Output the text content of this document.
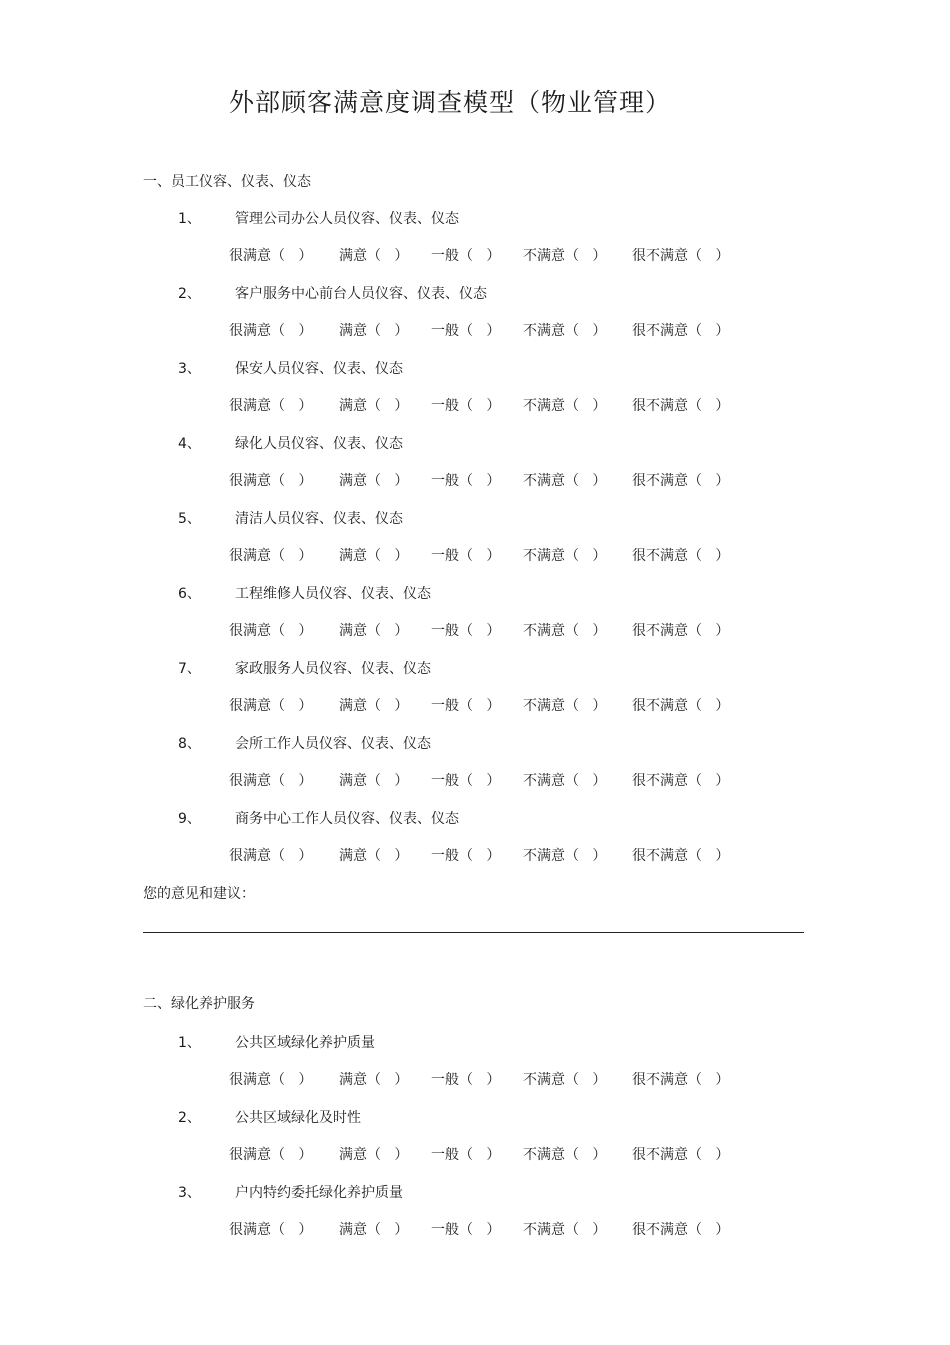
外部顾客满意度调查模型（物业管理）
一、员工仪容、仪表、仪态
1、 管理公司办公人员仪容、仪表、仪态
很满意（   ） 满意（   ） 一般（   ） 不满意（   ） 很不满意（   ）
2、 客户服务中心前台人员仪容、仪表、仪态
很满意（   ） 满意（   ） 一般（   ） 不满意（   ） 很不满意（   ）
3、 保安人员仪容、仪表、仪态
很满意（   ） 满意（   ） 一般（   ） 不满意（   ） 很不满意（   ）
4、 绿化人员仪容、仪表、仪态
很满意（   ） 满意（   ） 一般（   ） 不满意（   ） 很不满意（   ）
5、 清洁人员仪容、仪表、仪态
很满意（   ） 满意（   ） 一般（   ） 不满意（   ） 很不满意（   ）
6、 工程维修人员仪容、仪表、仪态
很满意（   ） 满意（   ） 一般（   ） 不满意（   ） 很不满意（   ）
7、 家政服务人员仪容、仪表、仪态
很满意（   ） 满意（   ） 一般（   ） 不满意（   ） 很不满意（   ）
8、 会所工作人员仪容、仪表、仪态
很满意（   ） 满意（   ） 一般（   ） 不满意（   ） 很不满意（   ）
9、 商务中心工作人员仪容、仪表、仪态
很满意（   ） 满意（   ） 一般（   ） 不满意（   ） 很不满意（   ）
您的意见和建议：
二、绿化养护服务
1、 公共区域绿化养护质量
很满意（   ） 满意（   ） 一般（   ） 不满意（   ） 很不满意（   ）
2、 公共区域绿化及时性
很满意（   ） 满意（   ） 一般（   ） 不满意（   ） 很不满意（   ）
3、 户内特约委托绿化养护质量
很满意（   ） 满意（   ） 一般（   ） 不满意（   ） 很不满意（   ）
